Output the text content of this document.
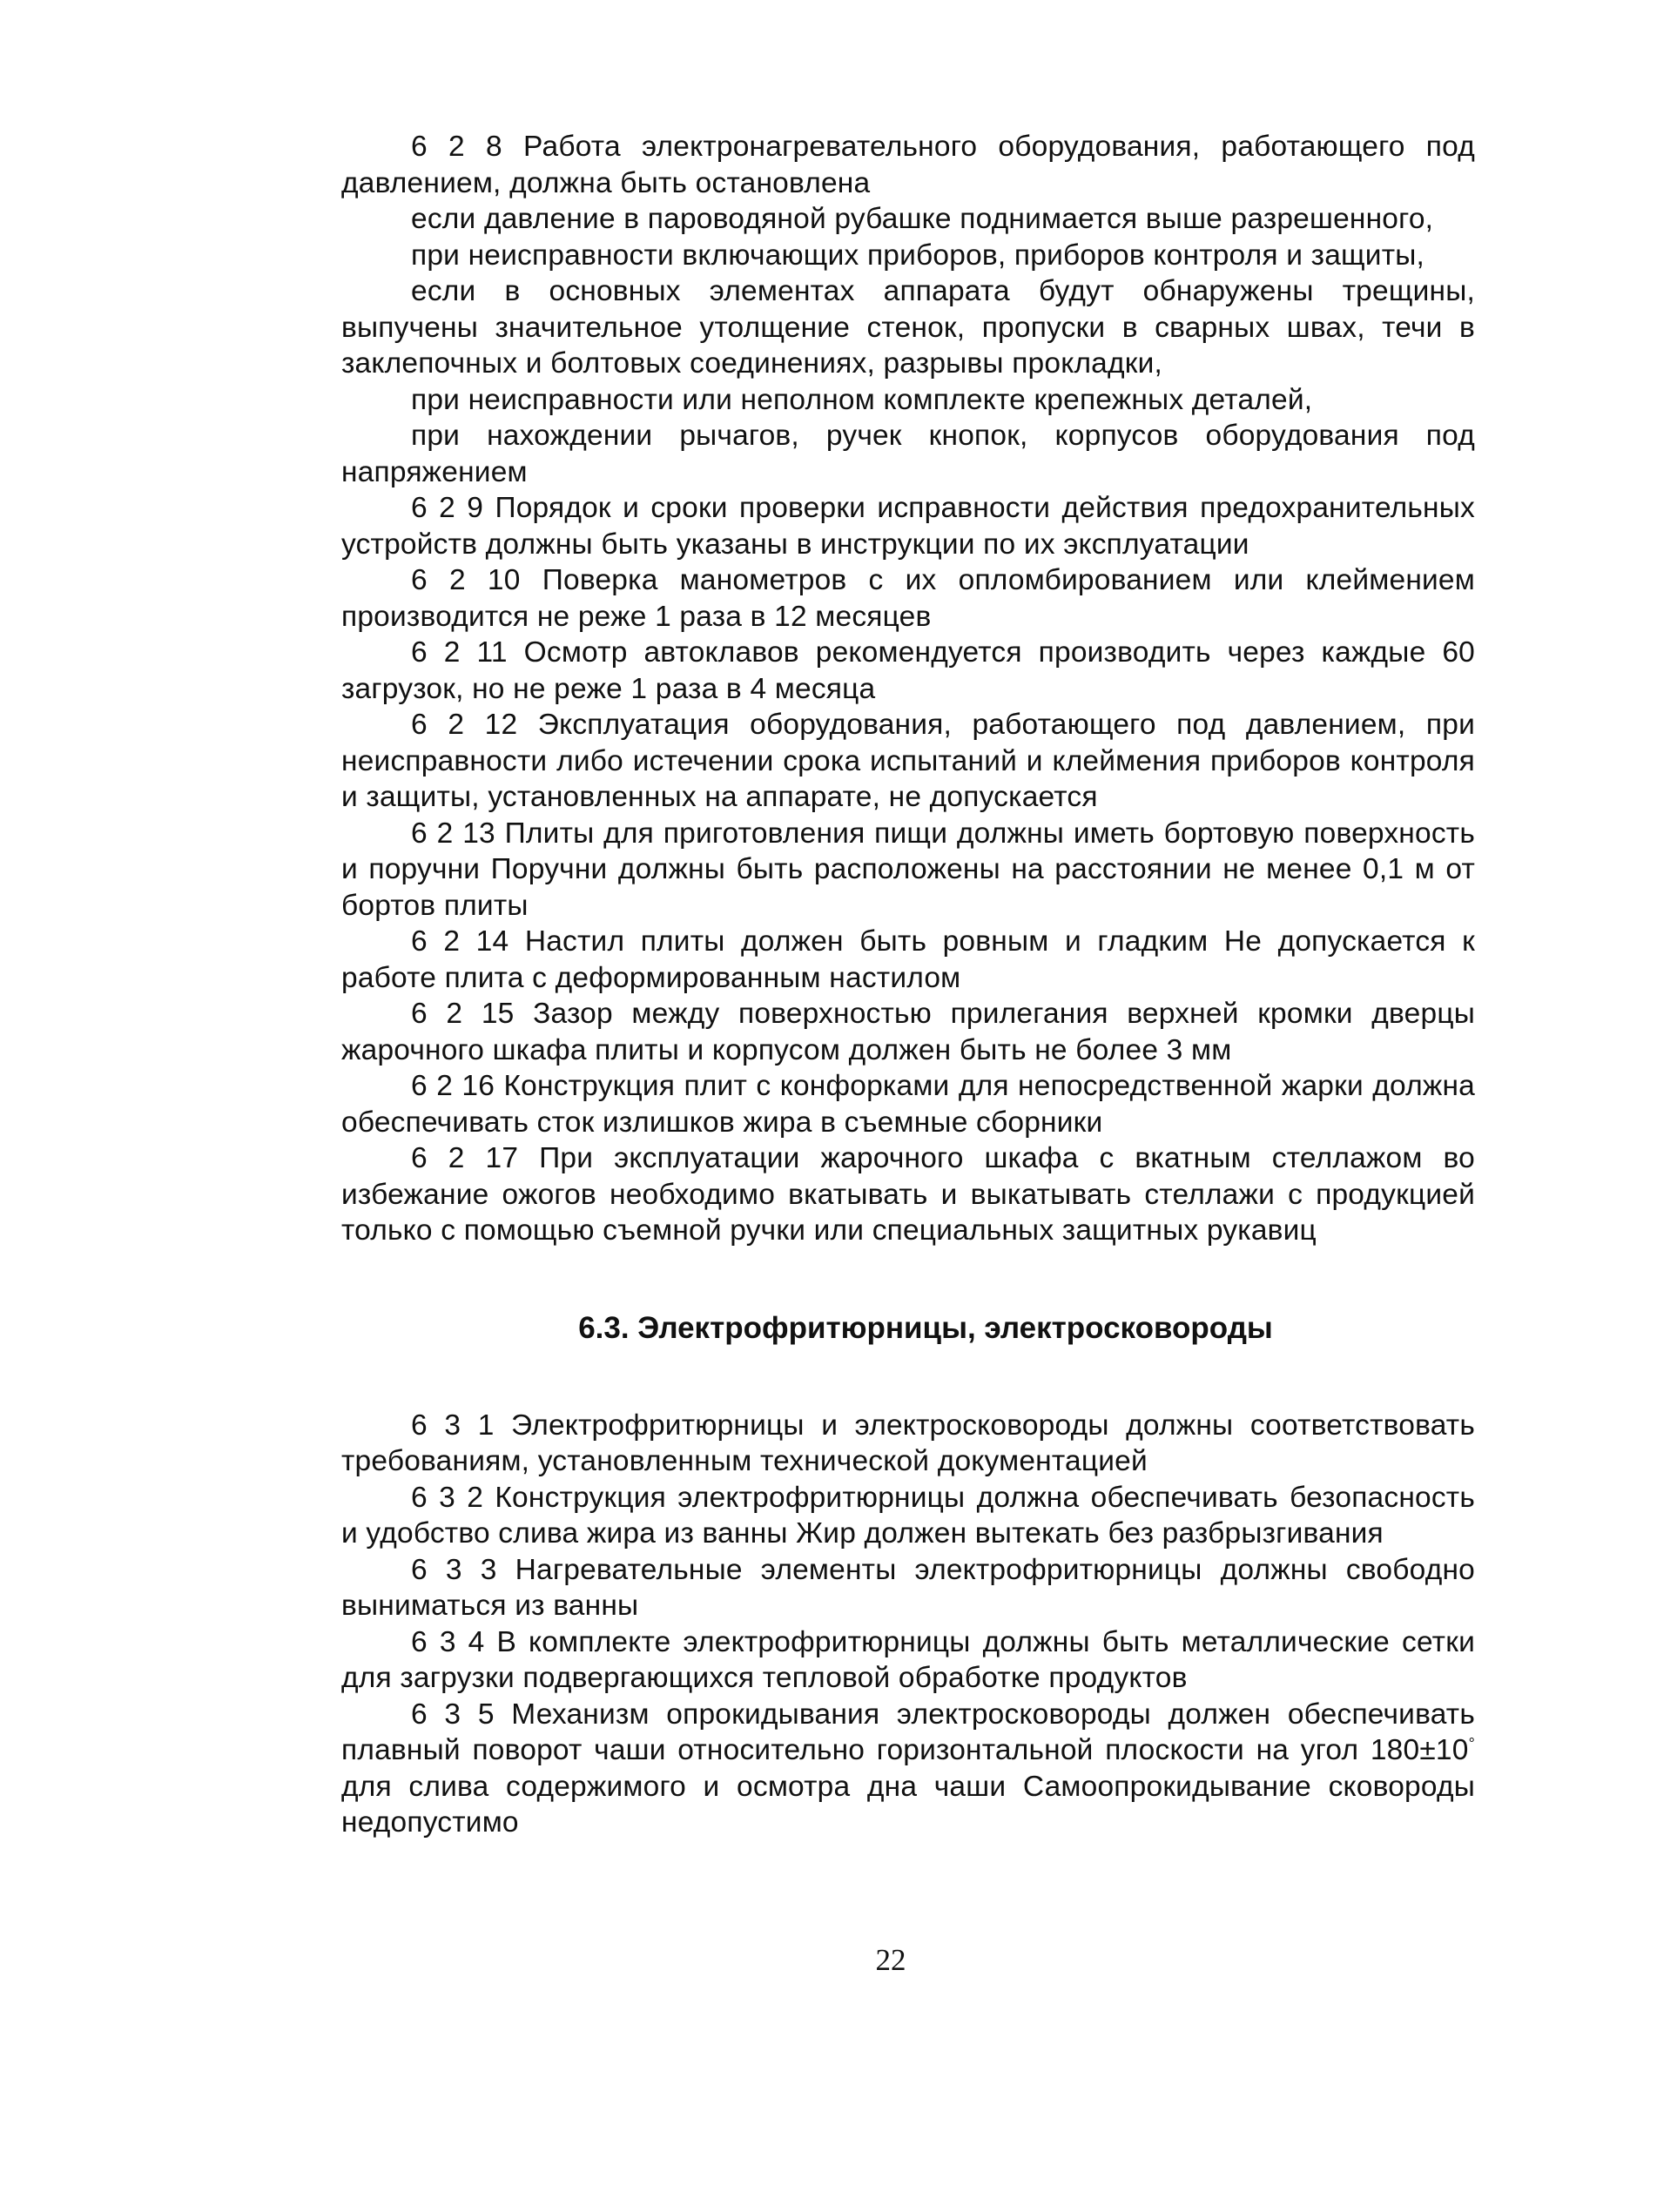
6 2 8 Работа электронагревательного оборудования, работающего под давлением, должна быть остановлена

если давление в пароводяной рубашке поднимается выше разрешенного,

при неисправности включающих приборов, приборов контроля и защиты,

если в основных элементах аппарата будут обнаружены трещины, выпучены значительное утолщение стенок, пропуски в сварных швах, течи в заклепочных и болтовых соединениях, разрывы прокладки,

при неисправности или неполном комплекте крепежных деталей,

при нахождении рычагов, ручек кнопок, корпусов оборудования под напряжением

6 2 9 Порядок и сроки проверки исправности действия предохранительных устройств должны быть указаны в инструкции по их эксплуатации

6 2 10 Поверка манометров с их опломбированием или клеймением производится не реже 1 раза в 12 месяцев

6 2 11 Осмотр автоклавов рекомендуется производить через каждые 60 загрузок, но не реже 1 раза в 4 месяца

6 2 12 Эксплуатация оборудования, работающего под давлением, при неисправности либо истечении срока испытаний и клеймения приборов контроля и защиты, установленных на аппарате, не допускается

6 2 13 Плиты для приготовления пищи должны иметь бортовую поверхность и поручни Поручни должны быть расположены на расстоянии не менее 0,1 м от бортов плиты

6 2 14 Настил плиты должен быть ровным и гладким Не допускается к работе плита с деформированным настилом

6 2 15 Зазор между поверхностью прилегания верхней кромки дверцы жарочного шкафа плиты и корпусом должен быть не более 3 мм

6 2 16 Конструкция плит с конфорками для непосредственной жарки должна обеспечивать сток излишков жира в съемные сборники

6 2 17 При эксплуатации жарочного шкафа с вкатным стеллажом во избежание ожогов необходимо вкатывать и выкатывать стеллажи с продукцией только с помощью съемной ручки или специальных защитных рукавиц

6.3. Электрофритюрницы, электросковороды

6 3 1 Электрофритюрницы и электросковороды должны соответствовать требованиям, установленным технической документацией

6 3 2 Конструкция электрофритюрницы должна обеспечивать безопасность и удобство слива жира из ванны Жир должен вытекать без разбрызгивания

6 3 3 Нагревательные элементы электрофритюрницы должны свободно выниматься из ванны

6 3 4 В комплекте электрофритюрницы должны быть металлические сетки для загрузки подвергающихся тепловой обработке продуктов

6 3 5 Механизм опрокидывания электросковороды должен обеспечивать плавный поворот чаши относительно горизонтальной плоскости на угол 180±10° для слива содержимого и осмотра дна чаши Самоопрокидывание сковороды недопустимо

22
